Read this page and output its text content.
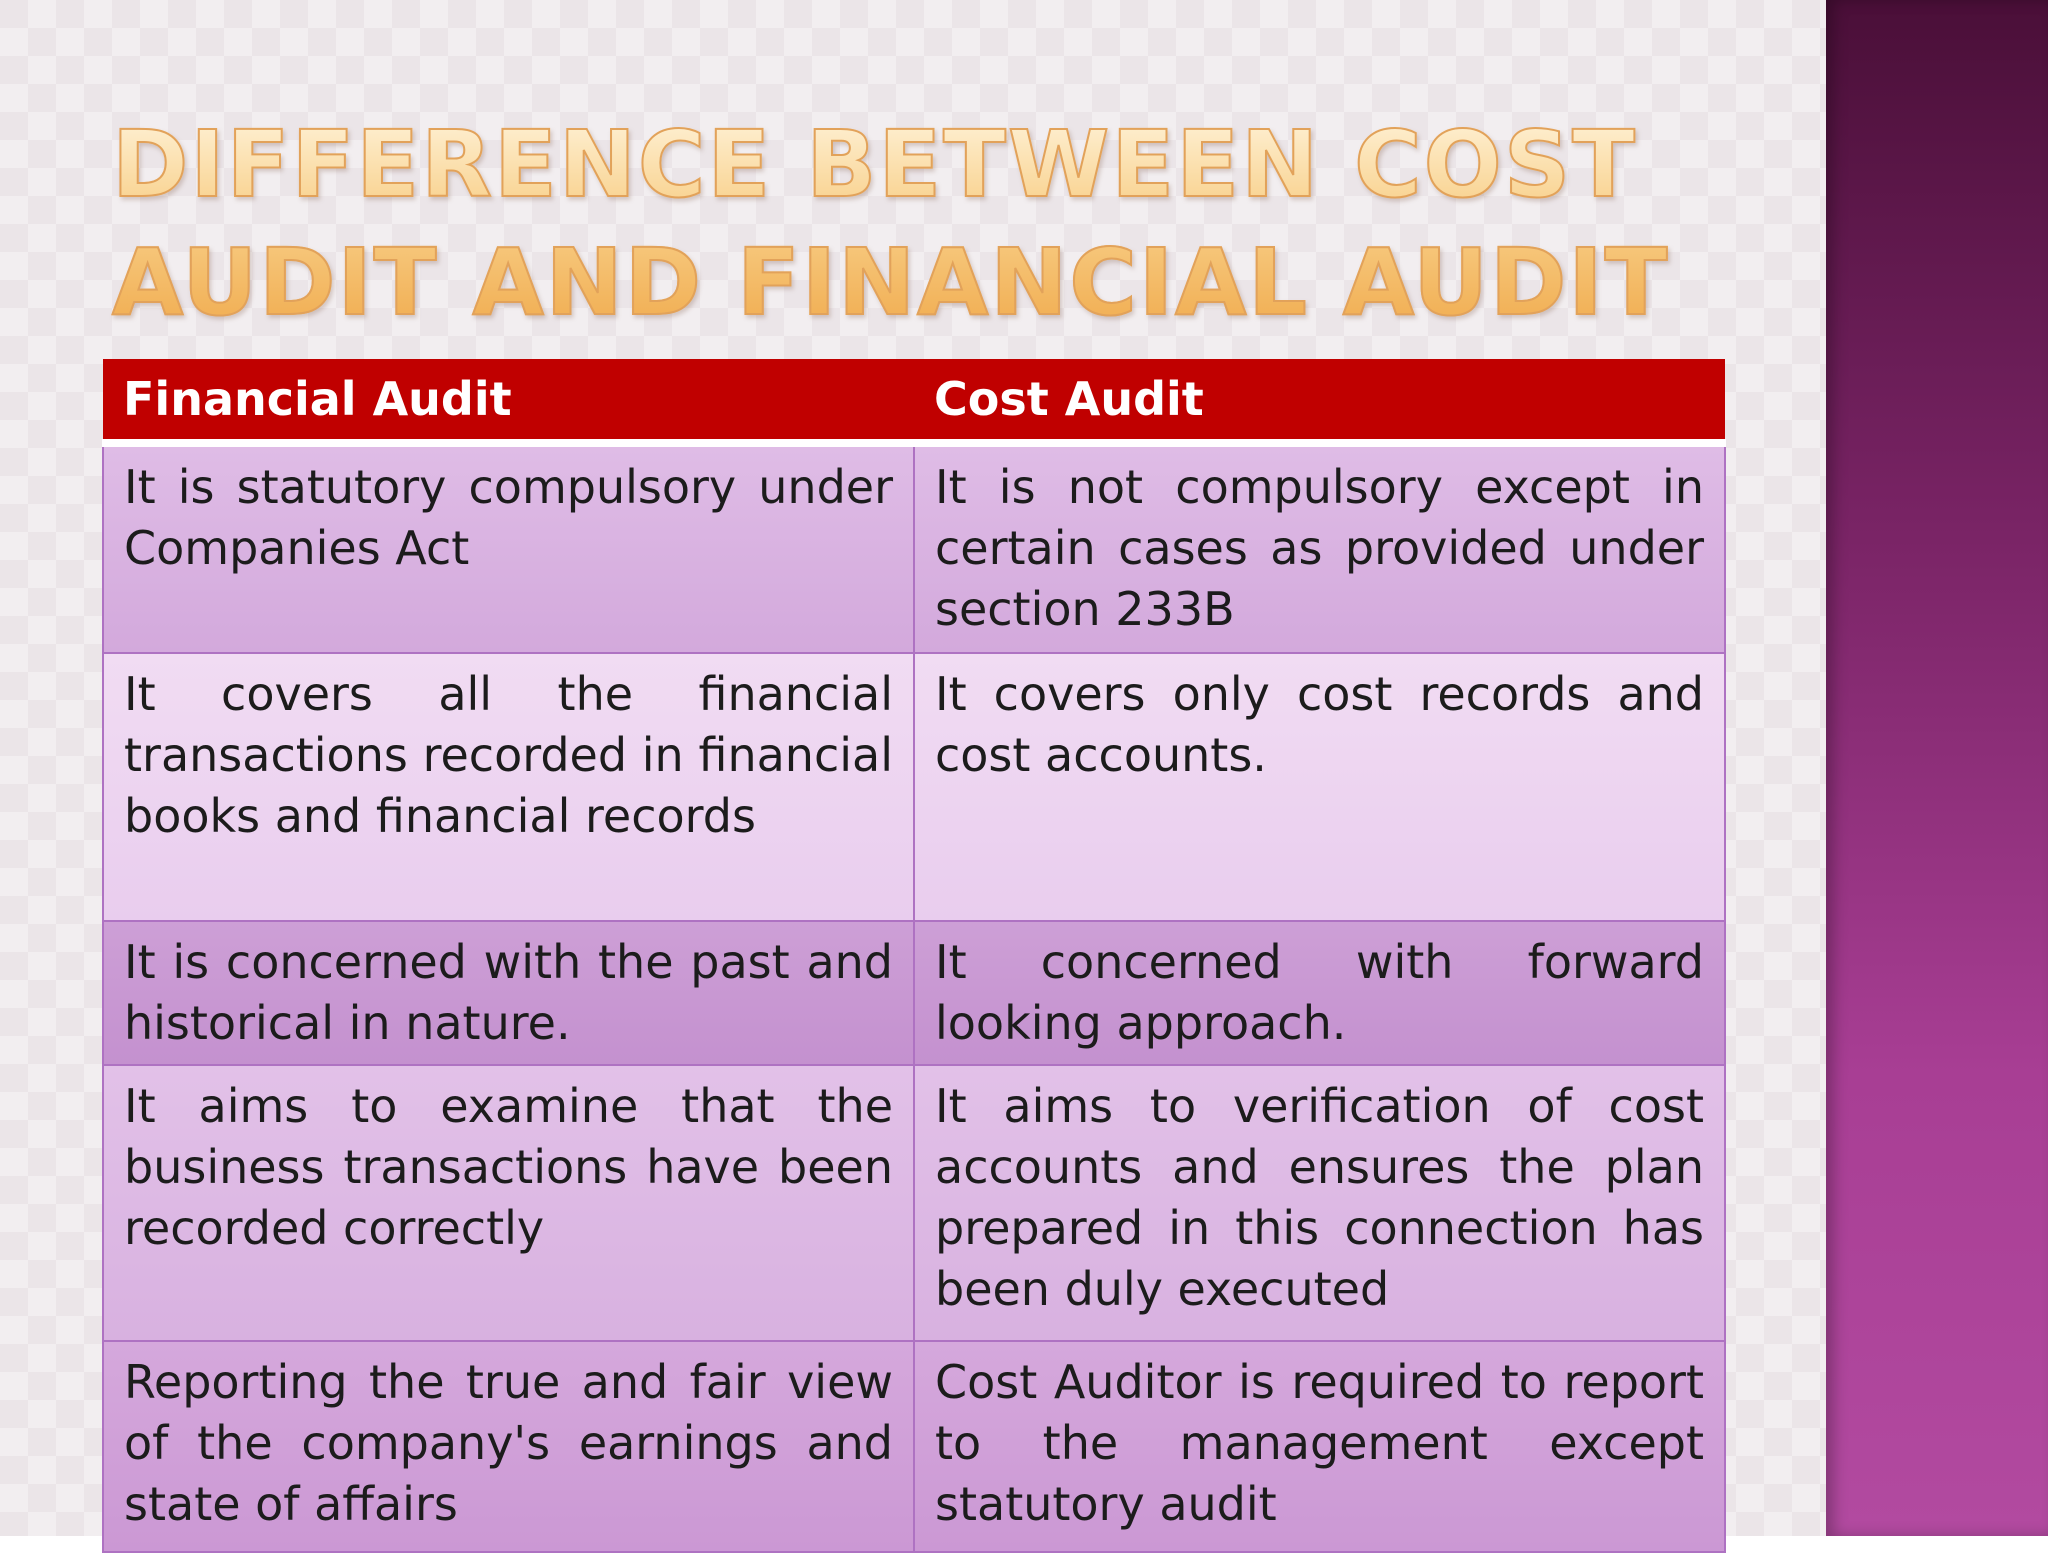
DIFFERENCE BETWEEN COST AUDIT AND FINANCIAL AUDIT
Financial Audit	Cost Audit
It is statutory compulsory under Companies Act	It is not compulsory except in certain cases as provided under section 233B
It covers all the financial transactions recorded in financial books and financial records	It covers only cost records and cost accounts.
It is concerned with the past and historical in nature.	It concerned with forward looking approach.
It aims to examine that the business transactions have been recorded correctly	It aims to verification of cost accounts and ensures the plan prepared in this connection has been duly executed
Reporting the true and fair view of the company's earnings and state of affairs	Cost Auditor is required to report to the management except statutory audit
